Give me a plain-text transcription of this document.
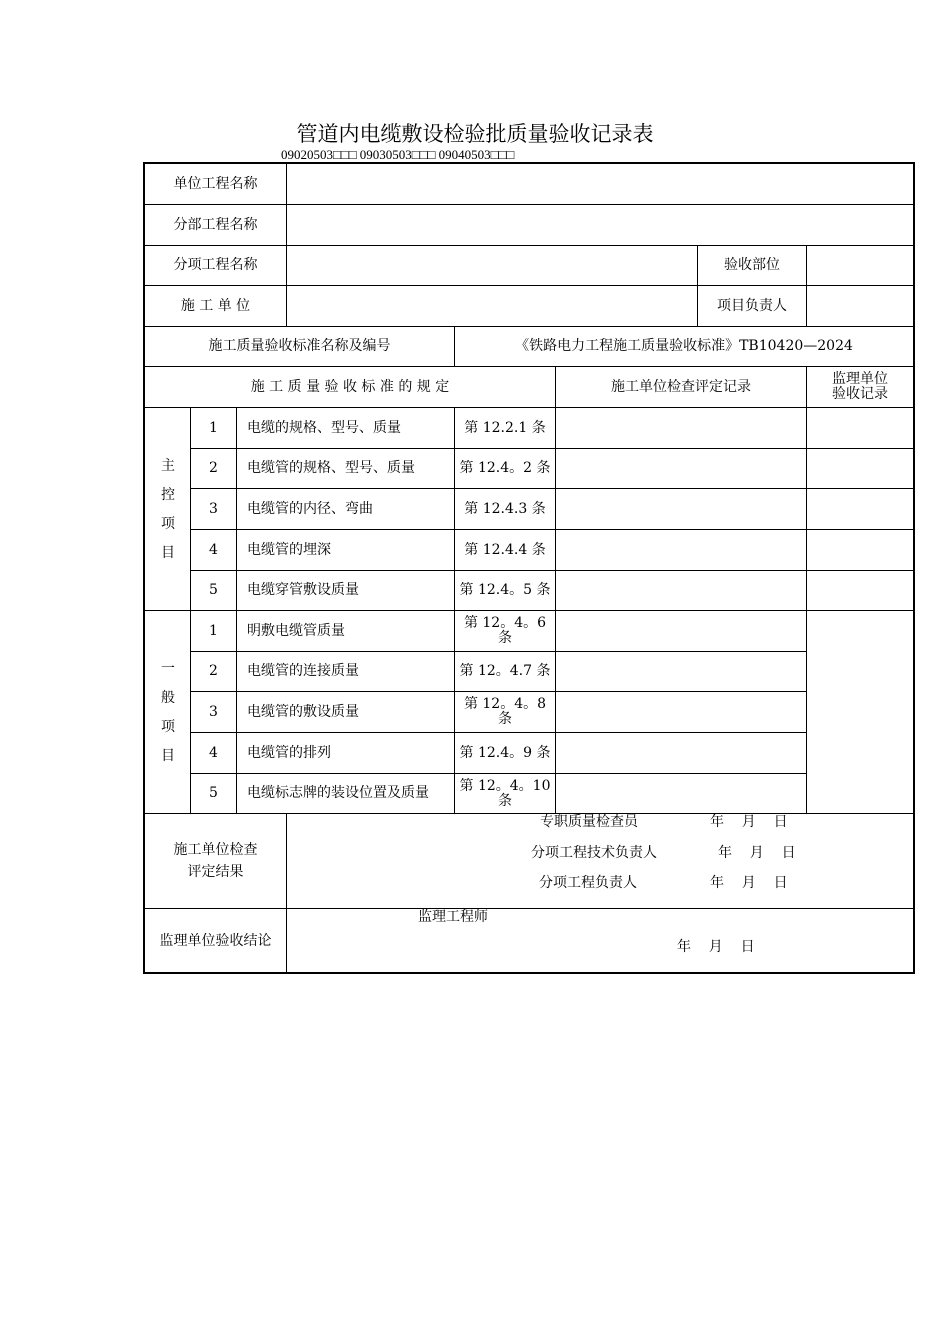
管道内电缆敷设检验批质量验收记录表
09020503□□□ 09030503□□□ 09040503□□□
单位工程名称
分部工程名称
分项工程名称	验收部位
施 工 单 位	项目负责人
施工质量验收标准名称及编号	《铁路电力工程施工质量验收标准》TB10420—2024
施 工 质 量 验 收 标 准 的 规 定	施工单位检查评定记录	监理单位
验收记录
主
控
项
目
1	电缆的规格、型号、质量	第 12.2.1 条
2	电缆管的规格、型号、质量	第 12.4。2 条
3	电缆管的内径、弯曲	第 12.4.3 条
4	电缆管的埋深	第 12.4.4 条
5	电缆穿管敷设质量	第 12.4。5 条
一
般
项
目
1	明敷电缆管质量	第 12。4。6
条
2	电缆管的连接质量	第 12。4.7 条
3	电缆管的敷设质量	第 12。4。8
条
4	电缆管的排列	第 12.4。9 条
5	电缆标志牌的装设位置及质量	第 12。4。10
条
施工单位检查
评定结果
专职质量检查员	年    月    日
分项工程技术负责人	年    月    日
分项工程负责人	年    月    日
监理单位验收结论
监理工程师
年    月    日
